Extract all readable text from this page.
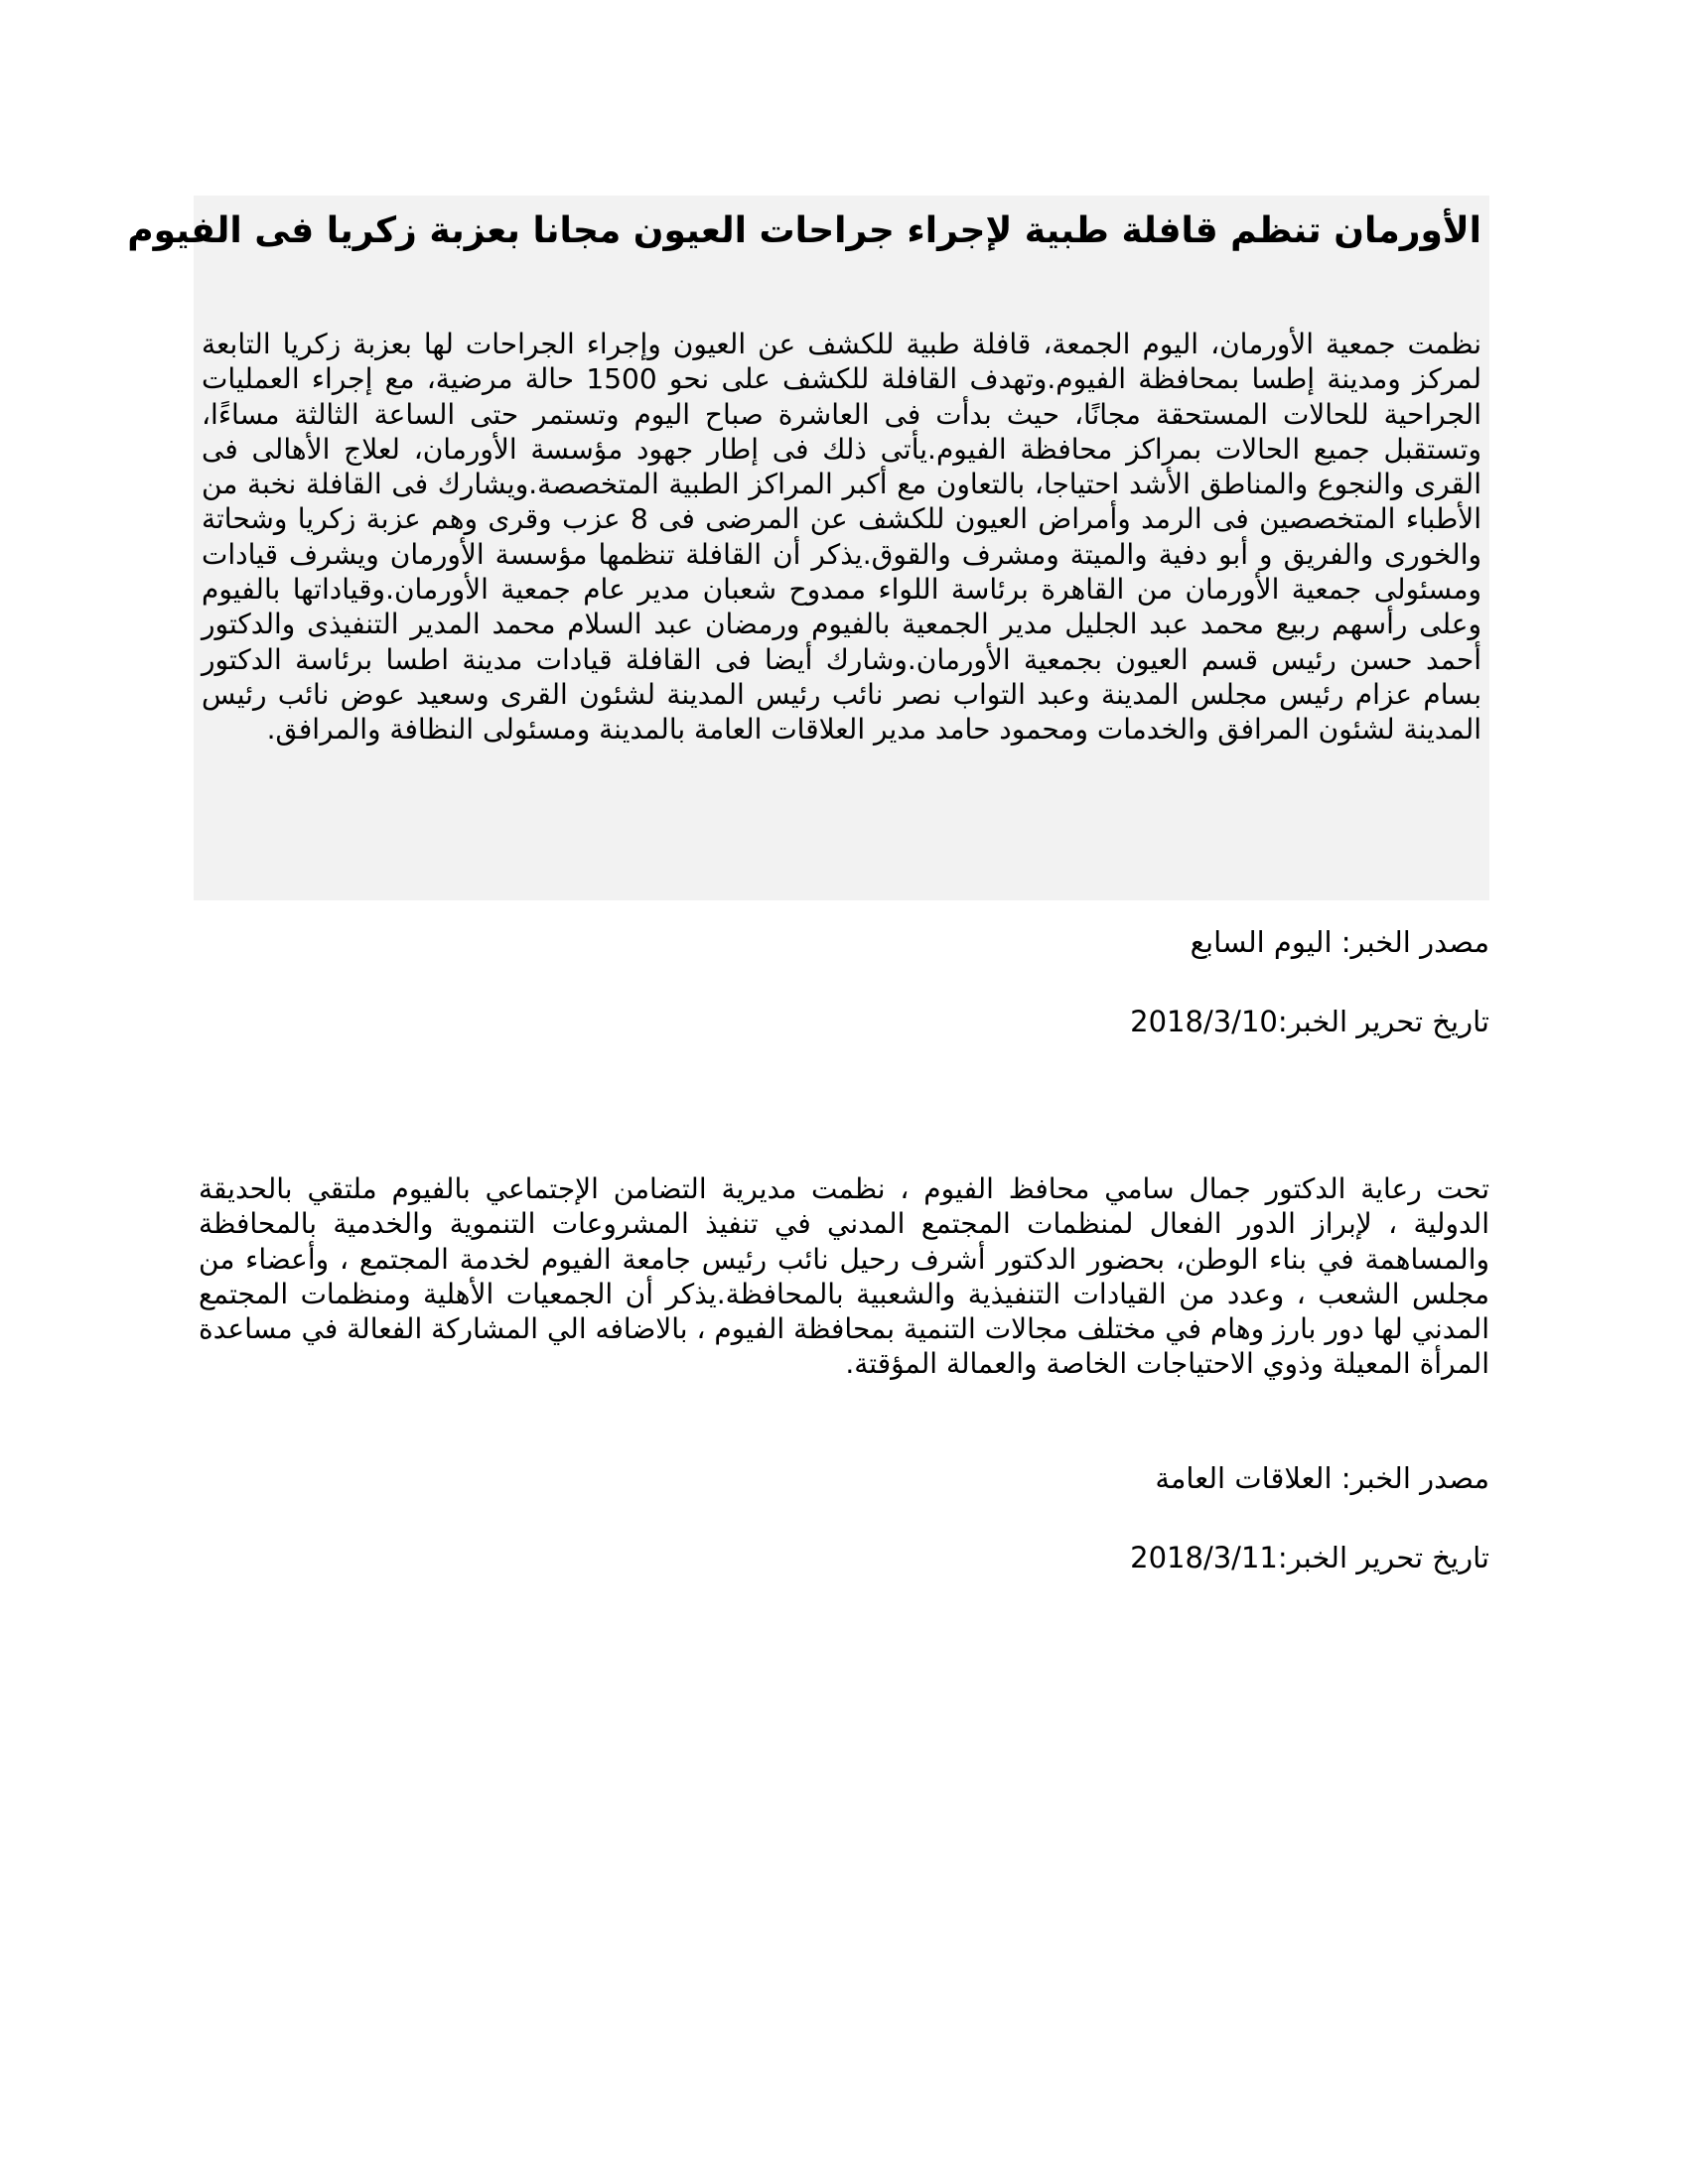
الأورمان تنظم قافلة طبية لإجراء جراحات العيون مجانا بعزبة زكريا فى الفيوم

نظمت جمعية الأورمان، اليوم الجمعة، قافلة طبية للكشف عن العيون وإجراء الجراحات لها بعزبة زكريا التابعة لمركز ومدينة إطسا بمحافظة الفيوم.وتهدف القافلة للكشف على نحو 1500 حالة مرضية، مع إجراء العمليات الجراحية للحالات المستحقة مجانًا، حيث بدأت فى العاشرة صباح اليوم وتستمر حتى الساعة الثالثة مساءًا، وتستقبل جميع الحالات بمراكز محافظة الفيوم.يأتى ذلك فى إطار جهود مؤسسة الأورمان، لعلاج الأهالى فى القرى والنجوع والمناطق الأشد احتياجا، بالتعاون مع أكبر المراكز الطبية المتخصصة.ويشارك فى القافلة نخبة من الأطباء المتخصصين فى الرمد وأمراض العيون للكشف عن المرضى فى 8 عزب وقرى وهم عزبة زكريا وشحاتة والخورى والفريق و أبو دفية والميتة ومشرف والقوق.يذكر أن القافلة تنظمها مؤسسة الأورمان ويشرف قيادات ومسئولى جمعية الأورمان من القاهرة برئاسة اللواء ممدوح شعبان مدير عام جمعية الأورمان.وقياداتها بالفيوم وعلى رأسهم ربيع محمد عبد الجليل مدير الجمعية بالفيوم ورمضان عبد السلام محمد المدير التنفيذى والدكتور أحمد حسن رئيس قسم العيون بجمعية الأورمان.وشارك أيضا فى القافلة قيادات مدينة اطسا برئاسة الدكتور بسام عزام رئيس مجلس المدينة وعبد التواب نصر نائب رئيس المدينة لشئون القرى وسعيد عوض نائب رئيس المدينة لشئون المرافق والخدمات ومحمود حامد مدير العلاقات العامة بالمدينة ومسئولى النظافة والمرافق.

مصدر الخبر: اليوم السابع
تاريخ تحرير الخبر:2018/3/10

تحت رعاية الدكتور جمال سامي محافظ الفيوم ، نظمت مديرية التضامن الإجتماعي بالفيوم ملتقي بالحديقة الدولية ، لإبراز الدور الفعال لمنظمات المجتمع المدني في تنفيذ المشروعات التنموية والخدمية بالمحافظة والمساهمة في بناء الوطن، بحضور الدكتور أشرف رحيل نائب رئيس جامعة الفيوم لخدمة المجتمع ، وأعضاء من مجلس الشعب ، وعدد من القيادات التنفيذية والشعبية بالمحافظة.يذكر أن الجمعيات الأهلية ومنظمات المجتمع المدني لها دور بارز وهام في مختلف مجالات التنمية بمحافظة الفيوم ، بالاضافه الي المشاركة الفعالة في مساعدة المرأة المعيلة وذوي الاحتياجات الخاصة والعمالة المؤقتة.

مصدر الخبر: العلاقات العامة
تاريخ تحرير الخبر:2018/3/11
